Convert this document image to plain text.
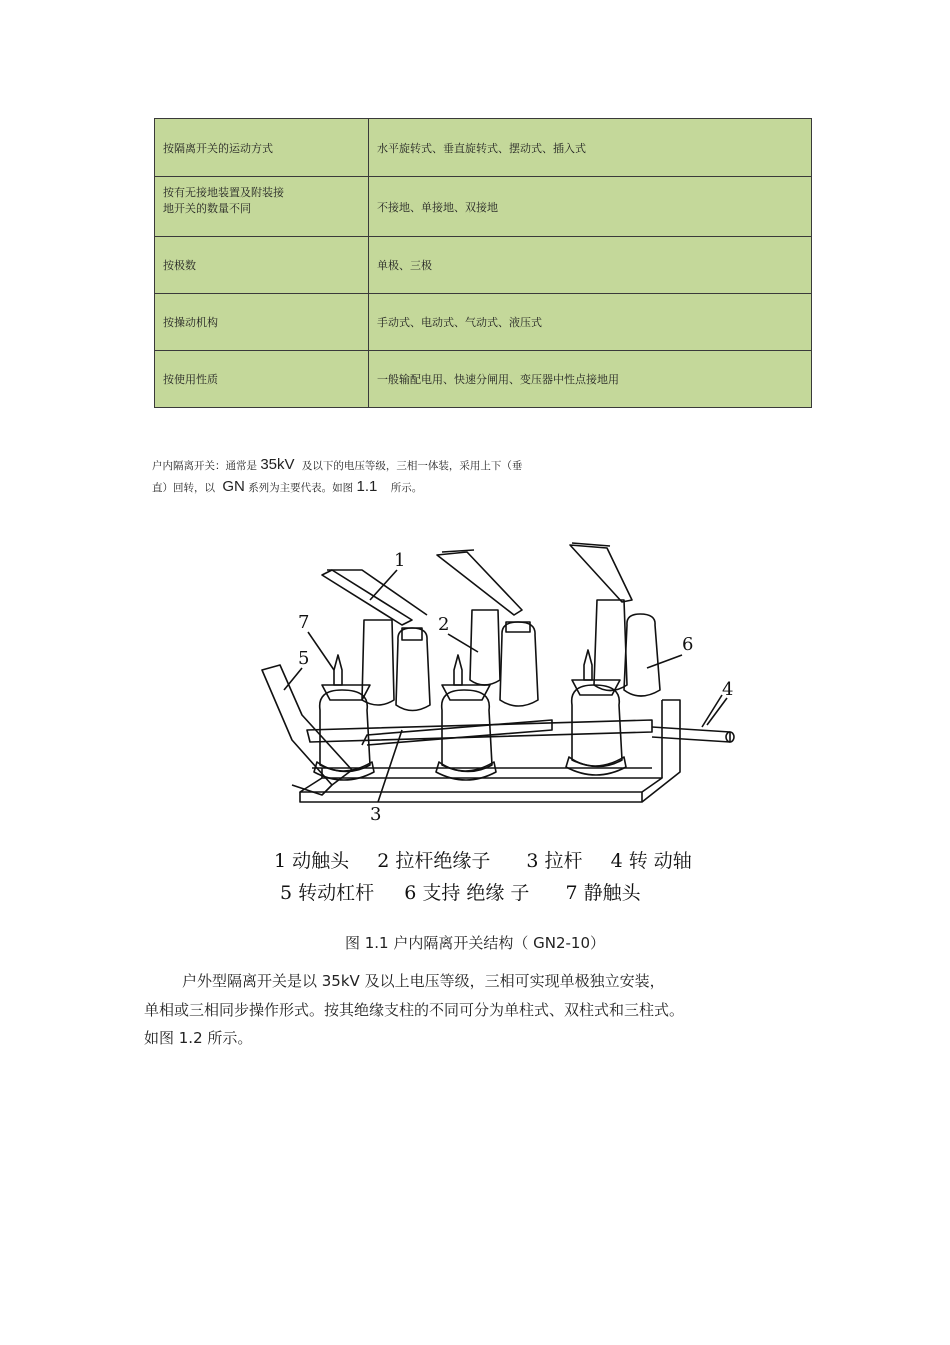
按隔离开关的运动方式	水平旋转式、垂直旋转式、摆动式、插入式

按有无接地装置及附装接
地开关的数量不同	不接地、单接地、双接地
按极数	单极、三极
按操动机构	手动式、电动式、气动式、液压式
按使用性质	一般输配电用、快速分闸用、变压器中性点接地用
户内隔离开关：通常是 35kV 及以下的电压等级，三相一体装，采用上下（垂
直）回转，以 GN 系列为主要代表。如图 1.1 所示。
1
2
3
4
5
6
7
1 动触头 2 拉杆绝缘子 3 拉杆 4 转 动轴
5 转动杠杆 6 支持 绝缘 子 7 静触头
图 1.1 户内隔离开关结构（ GN2-10）
户外型隔离开关是以 35kV 及以上电压等级，三相可实现单极独立安装，
单相或三相同步操作形式。按其绝缘支柱的不同可分为单柱式、双柱式和三柱式。
如图 1.2 所示。
